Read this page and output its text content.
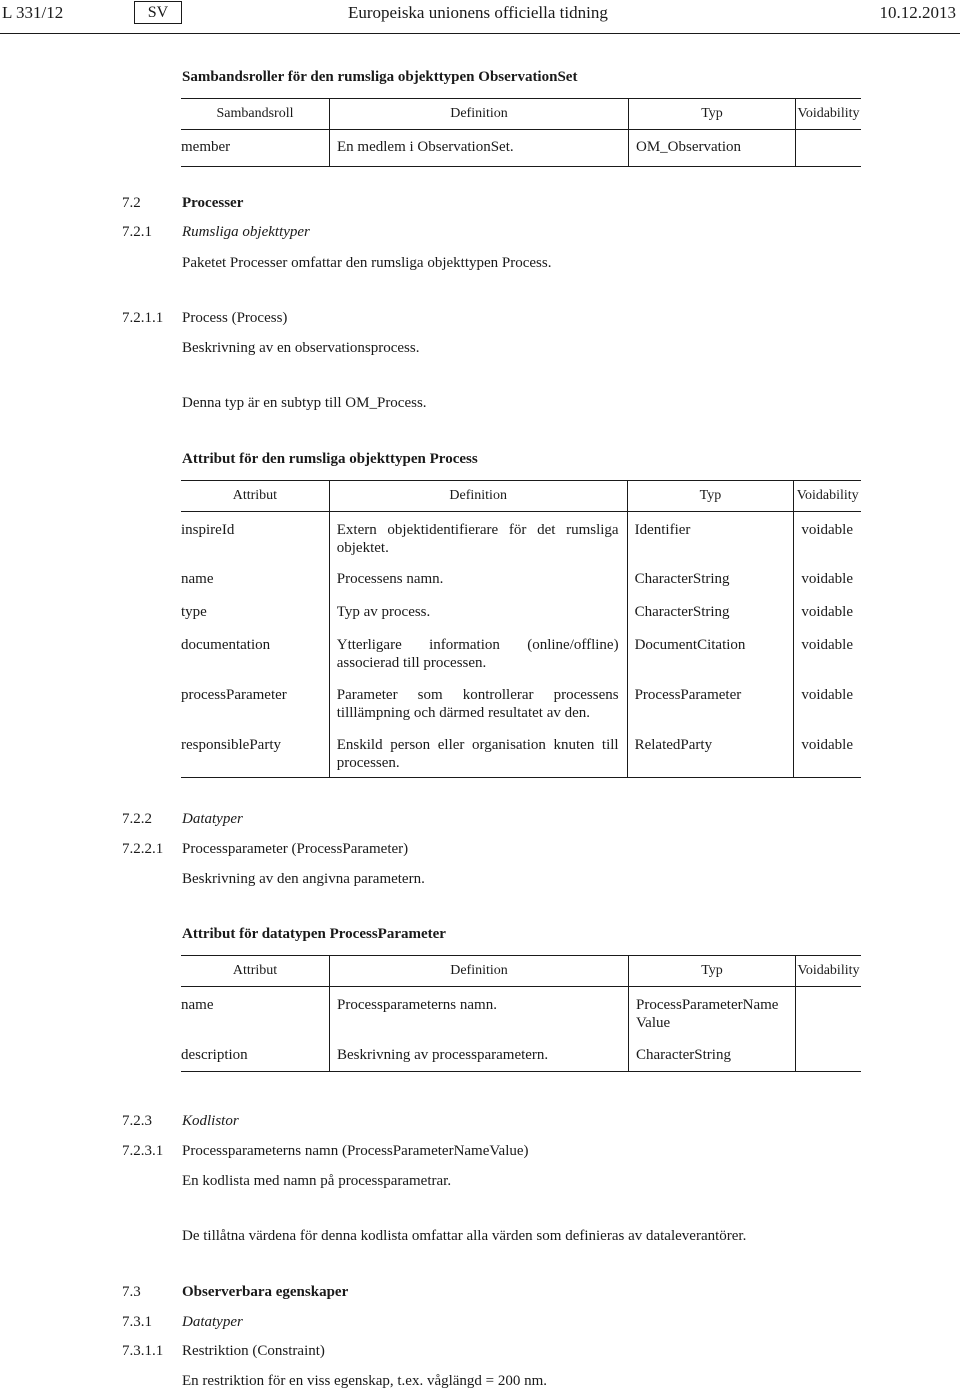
L 331/12	SV	Europeiska unionens officiella tidning	10.12.2013
Sambandsroller för den rumsliga objekttypen ObservationSet
Sambandsroll	Definition	Typ	Voidability
member	En medlem i ObservationSet.	OM_Observation	
7.2	Processer
7.2.1 Rumsliga objekttyper
Paketet Processer omfattar den rumsliga objekttypen Process.
7.2.1.1 Process (Process)
Beskrivning av en observationsprocess.
Denna typ är en subtyp till OM_Process.
Attribut för den rumsliga objekttypen Process
Attribut	Definition	Typ	Voidability
inspireId	Extern objektidentifierare för det rumsliga objektet.	Identifier	voidable
name	Processens namn.	CharacterString	voidable
type	Typ av process.	CharacterString	voidable
documentation	Ytterligare information (online/offline) associerad till processen.	DocumentCitation	voidable
processParameter	Parameter som kontrollerar processens tilllämpning och därmed resultatet av den.	ProcessParameter	voidable
responsibleParty	Enskild person eller organisation knuten till processen.	RelatedParty	voidable
7.2.2 Datatyper
7.2.2.1 Processparameter (ProcessParameter)
Beskrivning av den angivna parametern.
Attribut för datatypen ProcessParameter
Attribut	Definition	Typ	Voidability
name	Processparameterns namn.	ProcessParameterNameValue	
description	Beskrivning av processparametern.	CharacterString	
7.2.3 Kodlistor
7.2.3.1 Processparameterns namn (ProcessParameterNameValue)
En kodlista med namn på processparametrar.
De tillåtna värdena för denna kodlista omfattar alla värden som definieras av dataleverantörer.
7.3	Observerbara egenskaper
7.3.1 Datatyper
7.3.1.1 Restriktion (Constraint)
En restriktion för en viss egenskap, t.ex. våglängd = 200 nm.
